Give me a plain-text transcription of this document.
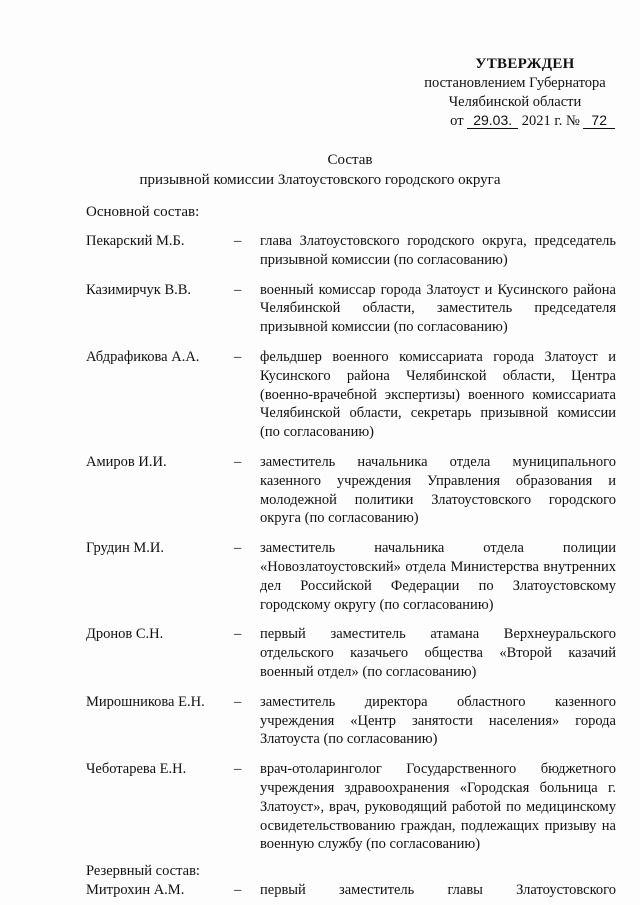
УТВЕРЖДЕН
постановлением Губернатора
Челябинской области
от 29.03. 2021 г. № 72
Состав
призывной комиссии Златоустовского городского округа
Основной состав:
Пекарский М.Б.	–	глава Златоустовского городского округа, председатель призывной комиссии (по согласованию)
Казимирчук В.В.	–	военный комиссар города Златоуст и Кусинского района Челябинской области, заместитель председателя призывной комиссии (по согласованию)
Абдрафикова А.А.	–	фельдшер военного комиссариата города Златоуст и Кусинского района Челябинской области, Центра (военно-врачебной экспертизы) военного комиссариата Челябинской области, секретарь призывной комиссии (по согласованию)
Амиров И.И.	–	заместитель начальника отдела муниципального казенного учреждения Управления образования и молодежной политики Златоустовского городского округа (по согласованию)
Грудин М.И.	–	заместитель начальника отдела полиции «Новозлатоустовский» отдела Министерства внутренних дел Российской Федерации по Златоустовскому городскому округу (по согласованию)
Дронов С.Н.	–	первый заместитель атамана Верхнеуральского отдельского казачьего общества «Второй казачий военный отдел» (по согласованию)
Мирошникова Е.Н.	–	заместитель директора областного казенного учреждения «Центр занятости населения» города Златоуста (по согласованию)
Чеботарева Е.Н.	–	врач-отоларинголог Государственного бюджетного учреждения здравоохранения «Городская больница г. Златоуст», врач, руководящий работой по медицинскому освидетельствованию граждан, подлежащих призыву на военную службу (по согласованию)
Резервный состав:
Митрохин А.М.	–	первый заместитель главы Златоустовского
